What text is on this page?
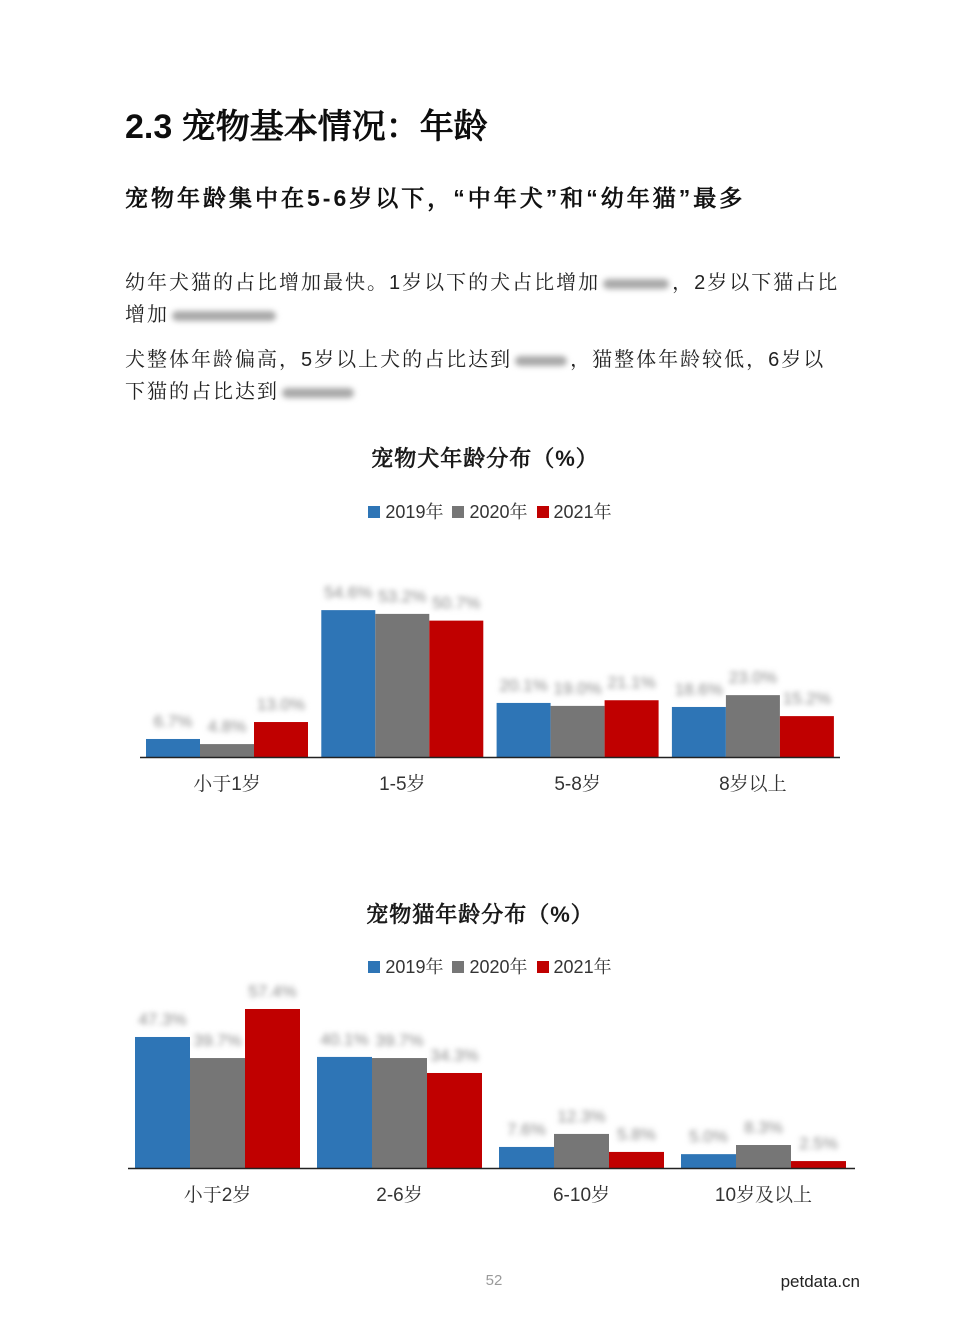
2.3 宠物基本情况：年龄
宠物年龄集中在5-6岁以下，“中年犬”和“幼年猫”最多
幼年犬猫的占比增加最快。1岁以下的犬占比增加	，2岁以下猫占比
增加
犬整体年龄偏高，5岁以上犬的占比达到	，猫整体年龄较低，6岁以
下猫的占比达到
宠物犬年龄分布（%）
2019年 2020年 2021年
6.7% 4.8%
13.0%
小于1岁
54.6% 53.2% 50.7%
1-5岁
20.1% 19.0% 21.1%
5-8岁
18.6%
23.0%
15.2%
8岁以上
宠物猫年龄分布（%）
2019年 2020年 2021年
47.3%
39.7%
57.4%
小于2岁
40.1% 39.7%
34.3%
2-6岁
7.6%
12.3%
5.8%
6-10岁
5.0% 8.3%
2.5%
10岁及以上
52	petdata.cn
